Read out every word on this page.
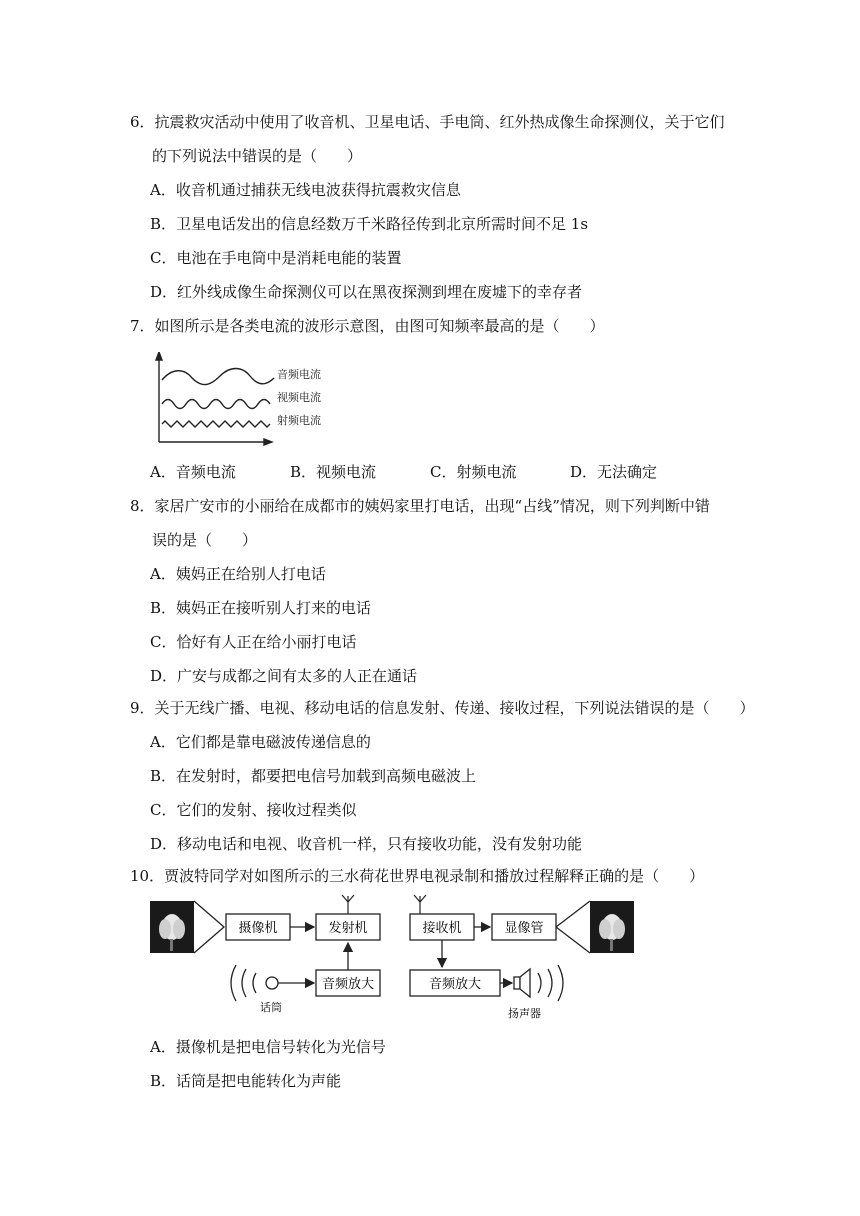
6．抗震救灾活动中使用了收音机、卫星电话、手电筒、红外热成像生命探测仪，关于它们
的下列说法中错误的是（　　）
A．收音机通过捕获无线电波获得抗震救灾信息
B．卫星电话发出的信息经数万千米路径传到北京所需时间不足 1s
C．电池在手电筒中是消耗电能的装置
D．红外线成像生命探测仪可以在黑夜探测到埋在废墟下的幸存者
7．如图所示是各类电流的波形示意图，由图可知频率最高的是（　　）
音频电流
视频电流
射频电流
A．音频电流	B．视频电流	C．射频电流	D．无法确定
8．家居广安市的小丽给在成都市的姨妈家里打电话，出现“占线”情况，则下列判断中错
误的是（　　）
A．姨妈正在给别人打电话
B．姨妈正在接听别人打来的电话
C．恰好有人正在给小丽打电话
D．广安与成都之间有太多的人正在通话
9．关于无线广播、电视、移动电话的信息发射、传递、接收过程，下列说法错误的是（　　）
A．它们都是靠电磁波传递信息的
B．在发射时，都要把电信号加载到高频电磁波上
C．它们的发射、接收过程类似
D．移动电话和电视、收音机一样，只有接收功能，没有发射功能
10．贾波特同学对如图所示的三水荷花世界电视录制和播放过程解释正确的是（　　）
摄像机	发射机
音频放大
话筒
接收机	显像管
音频放大
扬声器
A．摄像机是把电信号转化为光信号
B．话筒是把电能转化为声能
